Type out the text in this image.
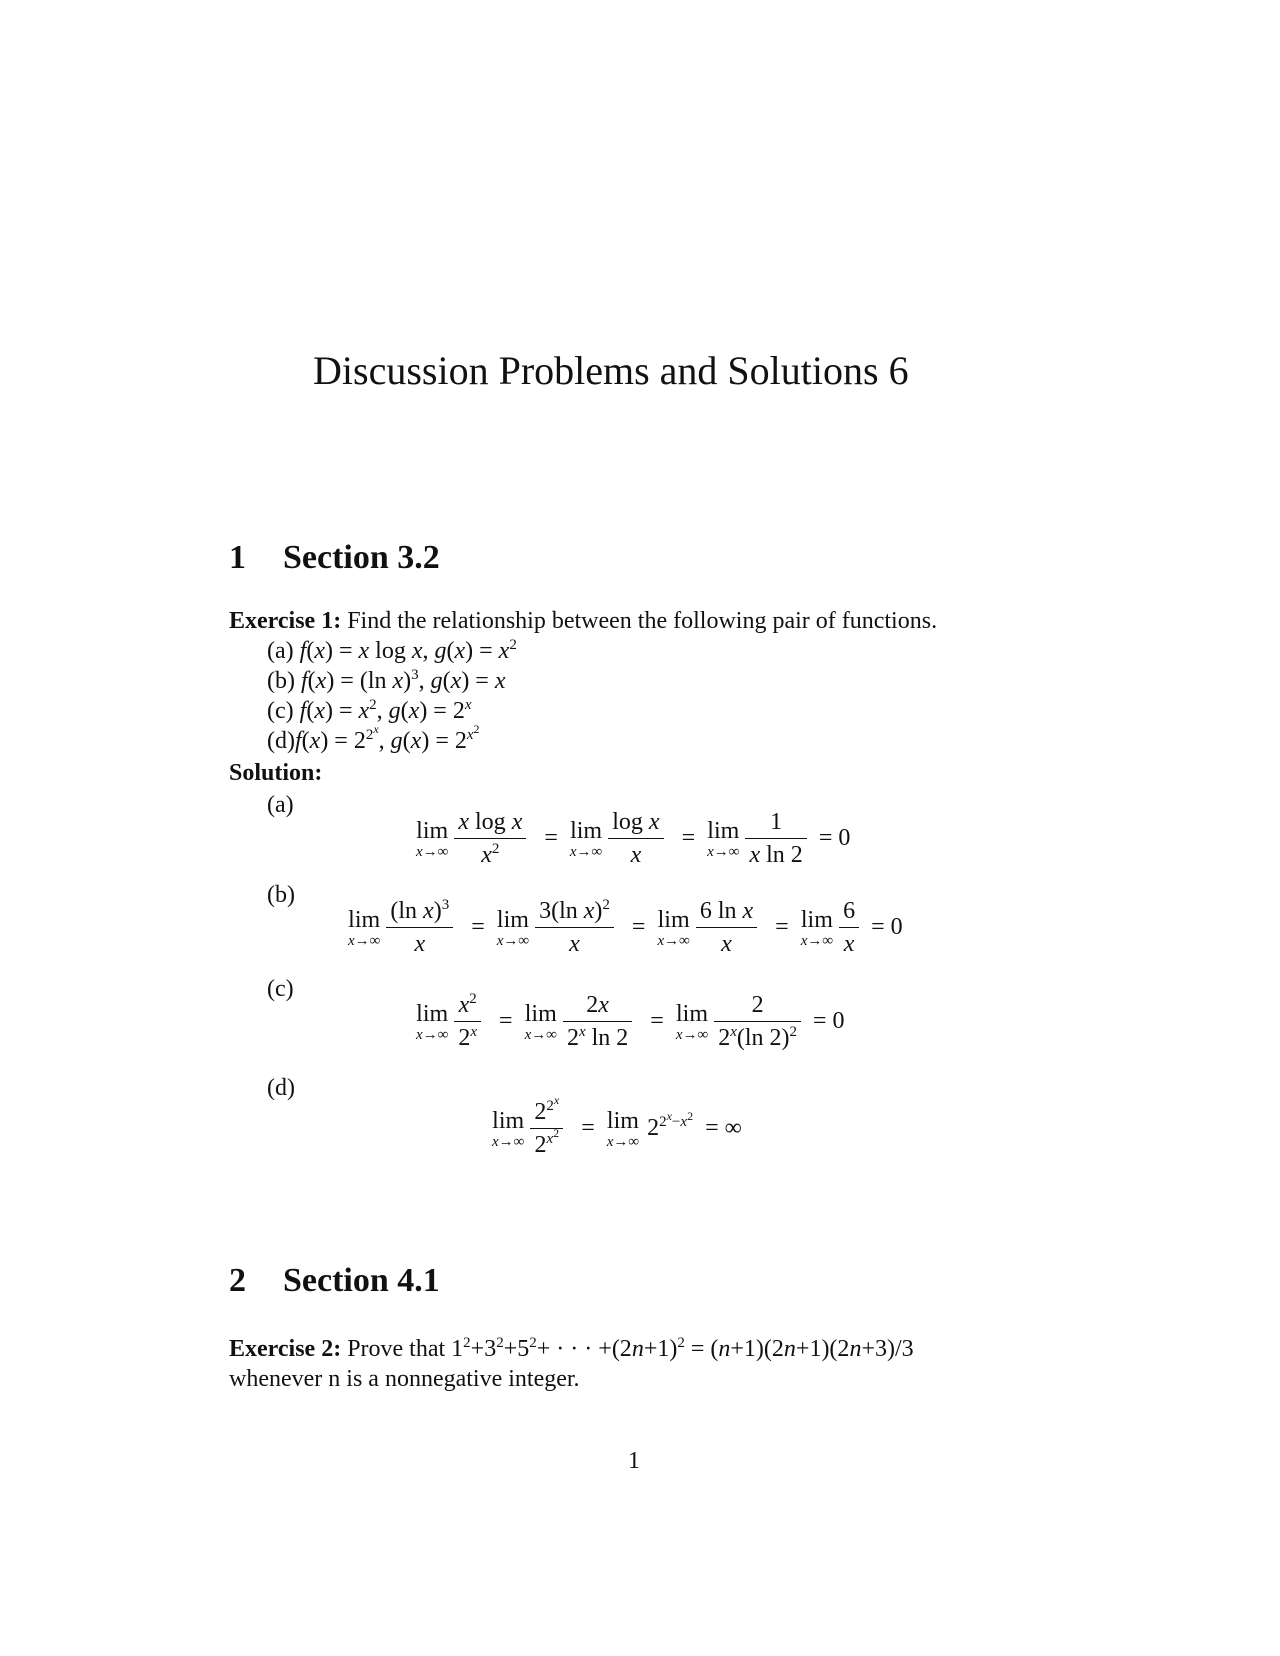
Discussion Problems and Solutions 6
1 Section 3.2
Exercise 1: Find the relationship between the following pair of functions.
(a) f(x) = x log x, $g(x) = x^2$
(b) f(x) = (ln x)$^3$, g(x) = x
(c) $f(x) = x^2$, $g(x) = 2^x$
$(d)f(x) = 2^{2^x}$, $g(x) = 2^{x^2}$
Solution:
(a)
lim
$x\to\infty \frac{\text{x log x}}{x^2} = \lim$
$x\to\infty \frac{\text{log x}}{x} = \lim$
$x\to\infty \frac{1}{\text{x ln 2}} = 0$
(b)
lim
$x\to\infty \frac{(\ln x)^3}{x} = \lim$
$x\to\infty \frac{3(\ln x)^2}{x} = \lim$
$x\to\infty \frac{\text{6 ln x}}{x} = \lim$
$x\to\infty \frac{6}{x} = 0$
(c)
lim
$x\to\infty \frac{x^2}{2^x} = \lim$
$x\to\infty \frac{2x}{2^x \ln 2} = \lim$
$x\to\infty \frac{2}{2^x(\ln 2)^2} = 0$
(d)
lim
$x\to\infty \frac{2^{2^x}}{2^{x^2}} = \lim$
x→∞
$2^{2^x-x^2}$ = ∞
2 Section 4.1
Exercise 2: Prove that $1^2+3^2+5^2+$ · · · $+(2n+1)^2 = (n+1)(2n+1)(2n+3)/3$
whenever n is a nonnegative integer.
1
